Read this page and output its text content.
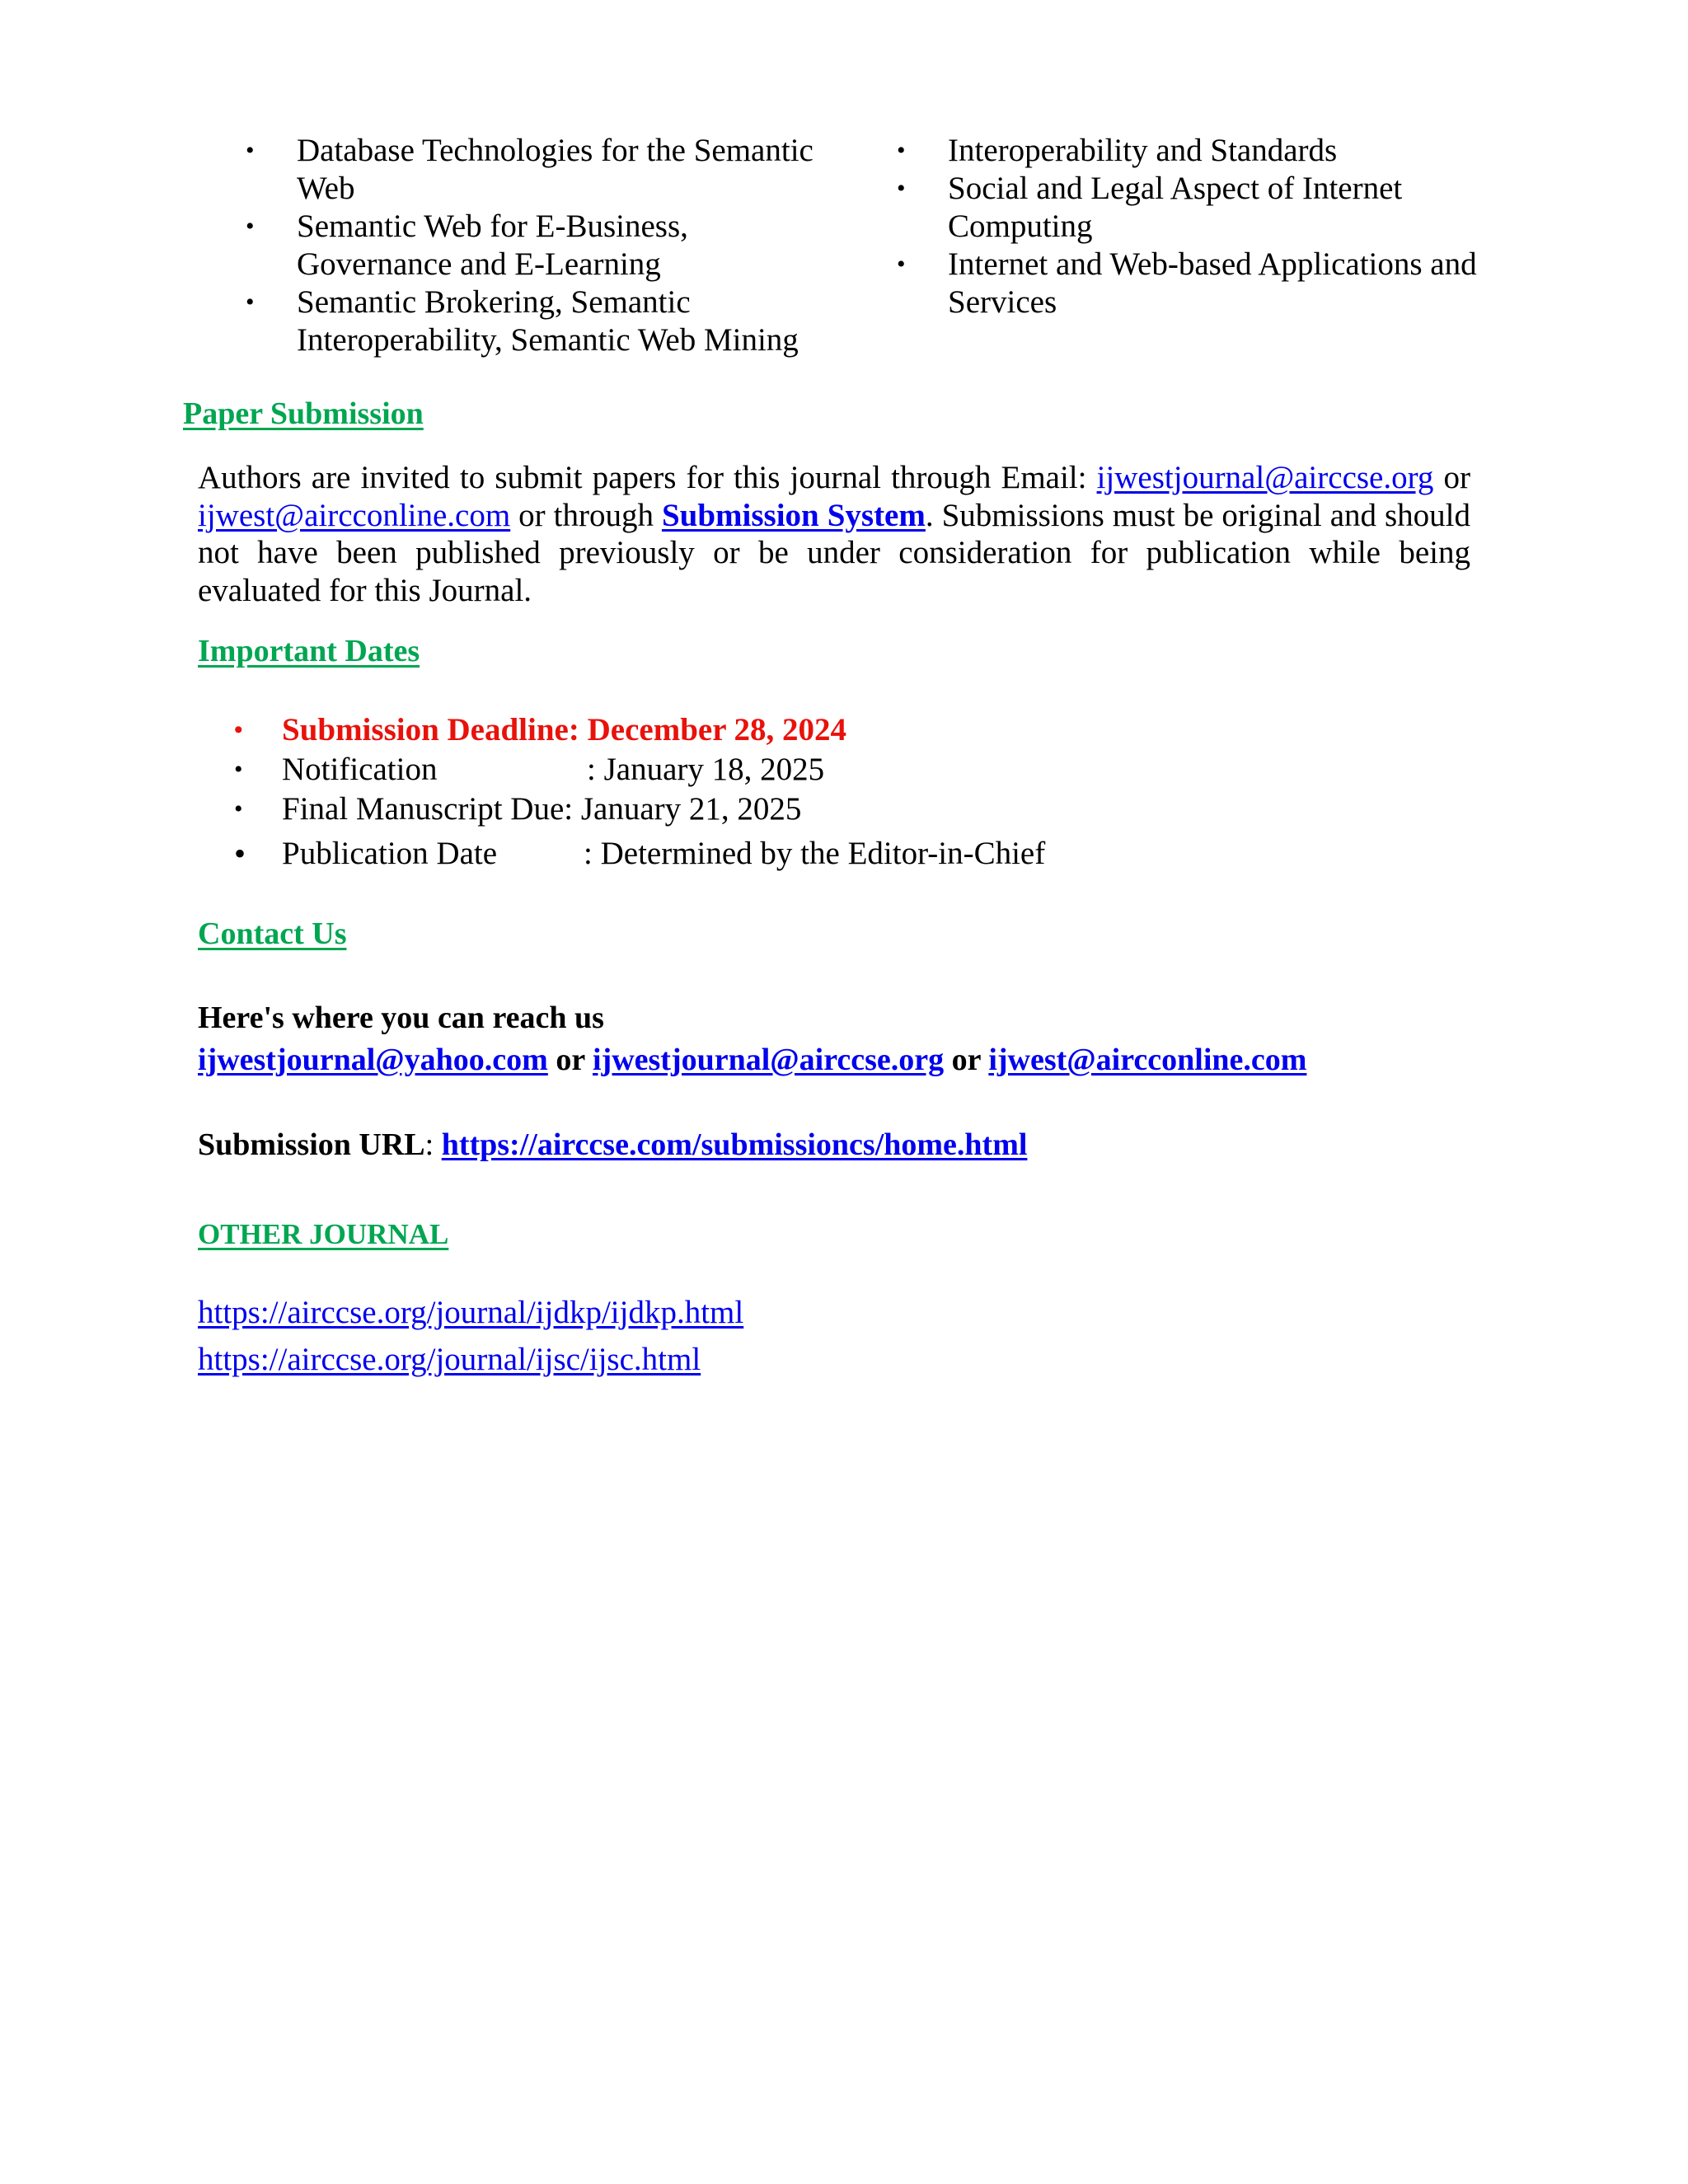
• Database Technologies for the Semantic Web
• Semantic Web for E-Business, Governance and E-Learning
• Semantic Brokering, Semantic Interoperability, Semantic Web Mining
• Interoperability and Standards
• Social and Legal Aspect of Internet Computing
• Internet and Web-based Applications and Services
Paper Submission

Authors are invited to submit papers for this journal through Email: ijwestjournal@airccse.org or ijwest@aircconline.com or through Submission System. Submissions must be original and should not have been published previously or be under consideration for publication while being evaluated for this Journal.

Important Dates
• Submission Deadline: December 28, 2024
• Notification	: January 18, 2025
• Final Manuscript Due: January 21, 2025
• Publication Date	: Determined by the Editor-in-Chief
Contact Us

Here's where you can reach us

ijwestjournal@yahoo.com or ijwestjournal@airccse.org or ijwest@aircconline.com

Submission URL: https://airccse.com/submissioncs/home.html

OTHER JOURNAL

https://airccse.org/journal/ijdkp/ijdkp.html

https://airccse.org/journal/ijsc/ijsc.html
